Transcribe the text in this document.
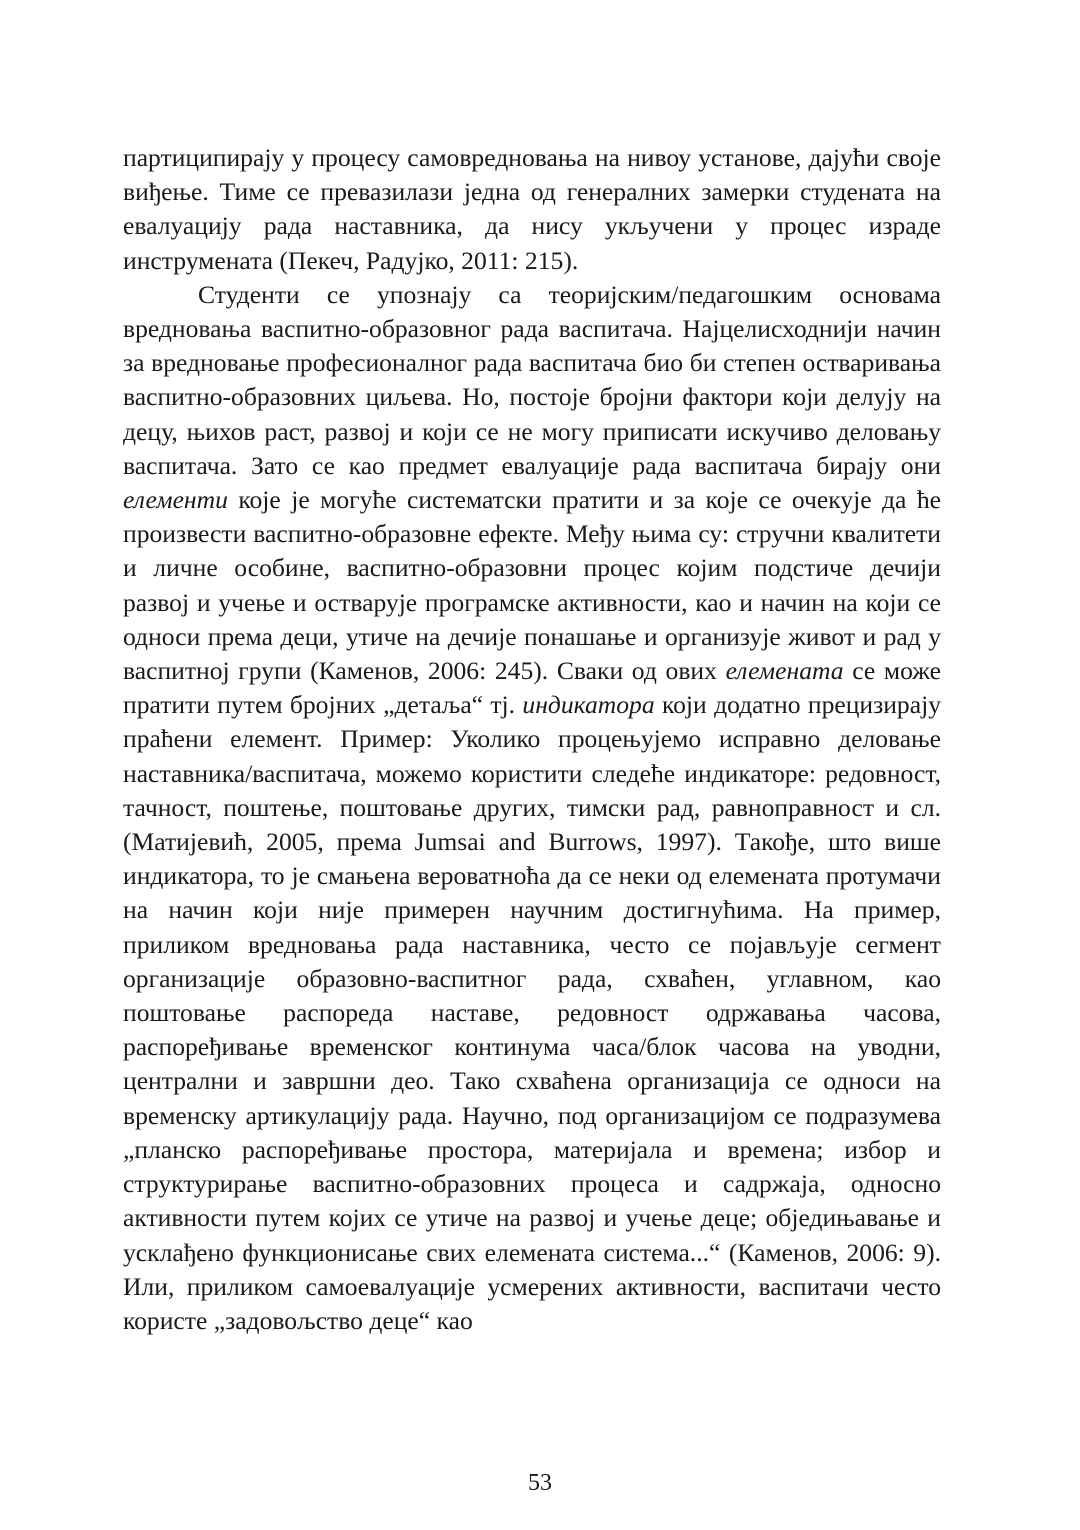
партиципирају у процесу самовредновања на нивоу установе, дајући своје виђење. Тиме се превазилази једна од генералних замерки студената на евалуацију рада наставника, да нису укључени у процес израде инструмената (Пекеч, Радујко, 2011: 215).

Студенти се упознају са теоријским/педагошким основама вредновања васпитно-образовног рада васпитача. Најцелисходнији начин за вредновање професионалног рада васпитача био би степен остваривања васпитно-образовних циљева. Но, постоје бројни фактори који делују на децу, њихов раст, развој и који се не могу приписати искучиво деловању васпитача. Зато се као предмет евалуације рада васпитача бирају они елементи које је могуће систематски пратити и за које се очекује да ће произвести васпитно-образовне ефекте. Међу њима су: стручни квалитети и личне особине, васпитно-образовни процес којим подстиче дечији развој и учење и остварује програмске активности, као и начин на који се односи према деци, утиче на дечије понашање и организује живот и рад у васпитној групи (Каменов, 2006: 245). Сваки од ових елемената се може пратити путем бројних „детаља“ тј. индикатора који додатно прецизирају праћени елемент. Пример: Уколико процењујемо исправно деловање наставника/васпитача, можемо користити следеће индикаторе: редовност, тачност, поштење, поштовање других, тимски рад, равноправност и сл.(Матијевић, 2005, према Jumsai and Burrows, 1997). Такође, што више индикатора, то је смањена вероватноћа да се неки од елемената протумачи на начин који није примерен научним достигнућима. На пример, приликом вредновања рада наставника, често се појављује сегмент организације образовно-васпитног рада, схваћен, углавном, као поштовање распореда наставе, редовност одржавања часова, распоређивање временског континума часа/блок часова на уводни, централни и завршни део. Тако схваћена организација се односи на временску артикулацију рада. Научно, под организацијом се подразумева „планско распоређивање простора, материјала и времена; избор и структурирање васпитно-образовних процеса и садржаја, односно активности путем којих се утиче на развој и учење деце; обједињавање и усклађено функционисање свих елемената система...“ (Каменов, 2006: 9). Или, приликом самоевалуације усмерених активности, васпитачи често користе „задовољство деце“ као

53
